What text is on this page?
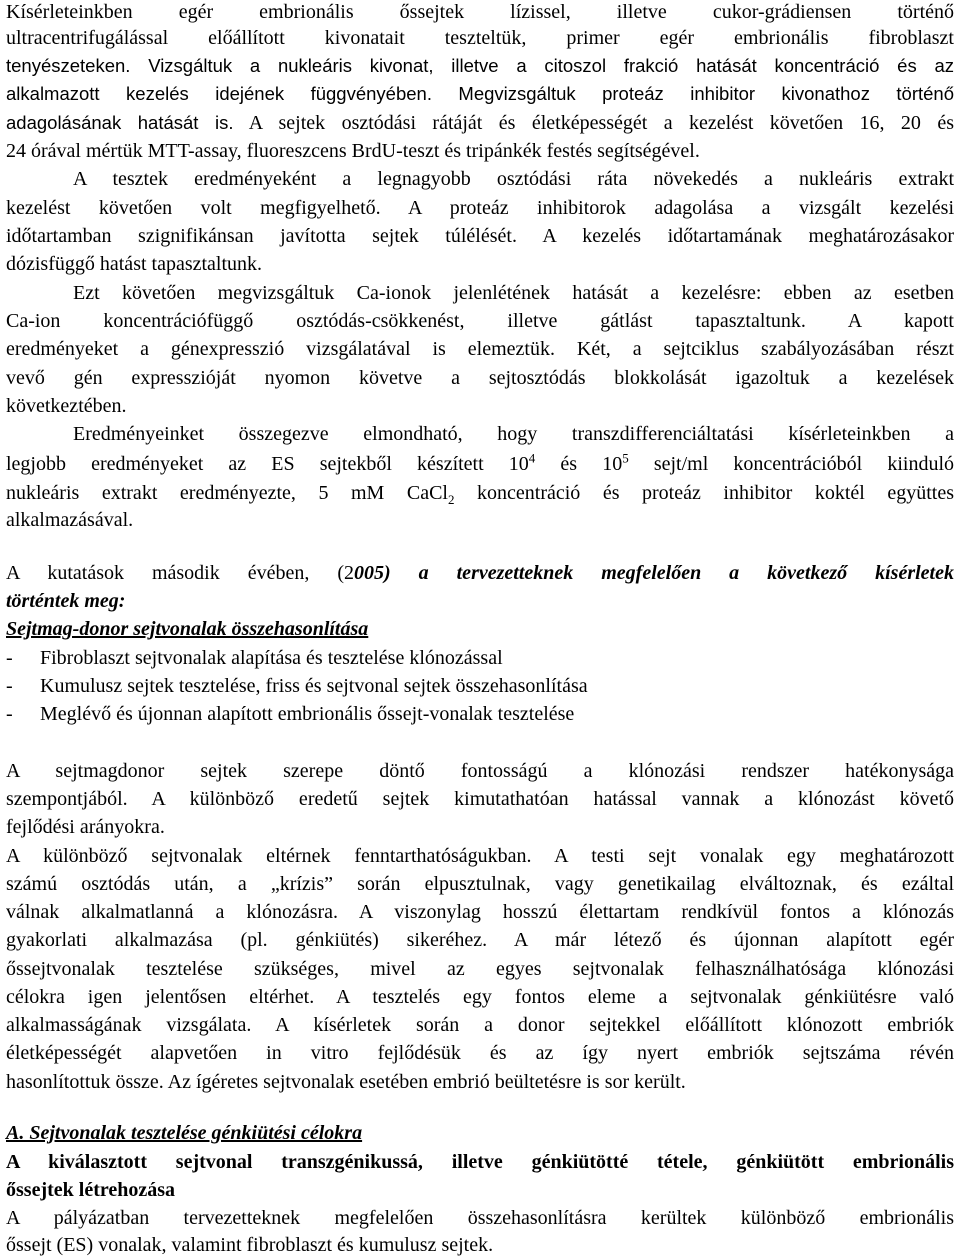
Kísérleteinkben egér embrionális őssejtek lízissel, illetve cukor-grádiensen történő
ultracentrifugálással előállított kivonatait teszteltük, primer egér embrionális fibroblaszt
tenyészeteken. Vizsgáltuk a nukleáris kivonat, illetve a citoszol frakció hatását koncentráció és az
alkalmazott kezelés idejének függvényében. Megvizsgáltuk proteáz inhibitor kivonathoz történő
adagolásának hatását is. A sejtek osztódási rátáját és életképességét a kezelést követően 16, 20 és
24 órával mértük MTT-assay, fluoreszcens BrdU-teszt és tripánkék festés segítségével.
A tesztek eredményeként a legnagyobb osztódási ráta növekedés a nukleáris extrakt
kezelést követően volt megfigyelhető. A proteáz inhibitorok adagolása a vizsgált kezelési
időtartamban szignifikánsan javította sejtek túlélését. A kezelés időtartamának meghatározásakor
dózisfüggő hatást tapasztaltunk.
Ezt követően megvizsgáltuk Ca-ionok jelenlétének hatását a kezelésre: ebben az esetben
Ca-ion koncentrációfüggő osztódás-csökkenést, illetve gátlást tapasztaltunk. A kapott
eredményeket a génexpresszió vizsgálatával is elemeztük. Két, a sejtciklus szabályozásában részt
vevő gén expresszióját nyomon követve a sejtosztódás blokkolását igazoltuk a kezelések
következtében.
Eredményeinket összegezve elmondható, hogy transzdifferenciáltatási kísérleteinkben a
legjobb eredményeket az ES sejtekből készített $10^4$ és $10^5$ sejt/ml koncentrációból kiinduló
nukleáris extrakt eredményezte, 5 mM CaCl$_2$ koncentráció és proteáz inhibitor koktél együttes
alkalmazásával.
A kutatások második évében, (2005) a tervezetteknek megfelelően a következő kísérletek
történtek meg:
Sejtmag-donor sejtvonalak összehasonlítása
- Fibroblaszt sejtvonalak alapítása és tesztelése klónozással
- Kumulusz sejtek tesztelése, friss és sejtvonal sejtek összehasonlítása
- Meglévő és újonnan alapított embrionális őssejt-vonalak tesztelése
A sejtmagdonor sejtek szerepe döntő fontosságú a klónozási rendszer hatékonysága
szempontjából. A különböző eredetű sejtek kimutathatóan hatással vannak a klónozást követő
fejlődési arányokra.
A különböző sejtvonalak eltérnek fenntarthatóságukban. A testi sejt vonalak egy meghatározott
számú osztódás után, a „krízis” során elpusztulnak, vagy genetikailag elváltoznak, és ezáltal
válnak alkalmatlanná a klónozásra. A viszonylag hosszú élettartam rendkívül fontos a klónozás
gyakorlati alkalmazása (pl. génkiütés) sikeréhez. A már létező és újonnan alapított egér
őssejtvonalak tesztelése szükséges, mivel az egyes sejtvonalak felhasználhatósága klónozási
célokra igen jelentősen eltérhet. A tesztelés egy fontos eleme a sejtvonalak génkiütésre való
alkalmasságának vizsgálata. A kísérletek során a donor sejtekkel előállított klónozott embriók
életképességét alapvetően in vitro fejlődésük és az így nyert embriók sejtszáma révén
hasonlítottuk össze. Az ígéretes sejtvonalak esetében embrió beültetésre is sor került.
A. Sejtvonalak tesztelése génkiütési célokra
A kiválasztott sejtvonal transzgénikussá, illetve génkiütötté tétele, génkiütött embrionális
őssejtek létrehozása
A pályázatban tervezetteknek megfelelően összehasonlításra kerültek különböző embrionális
őssejt (ES) vonalak, valamint fibroblaszt és kumulusz sejtek.
